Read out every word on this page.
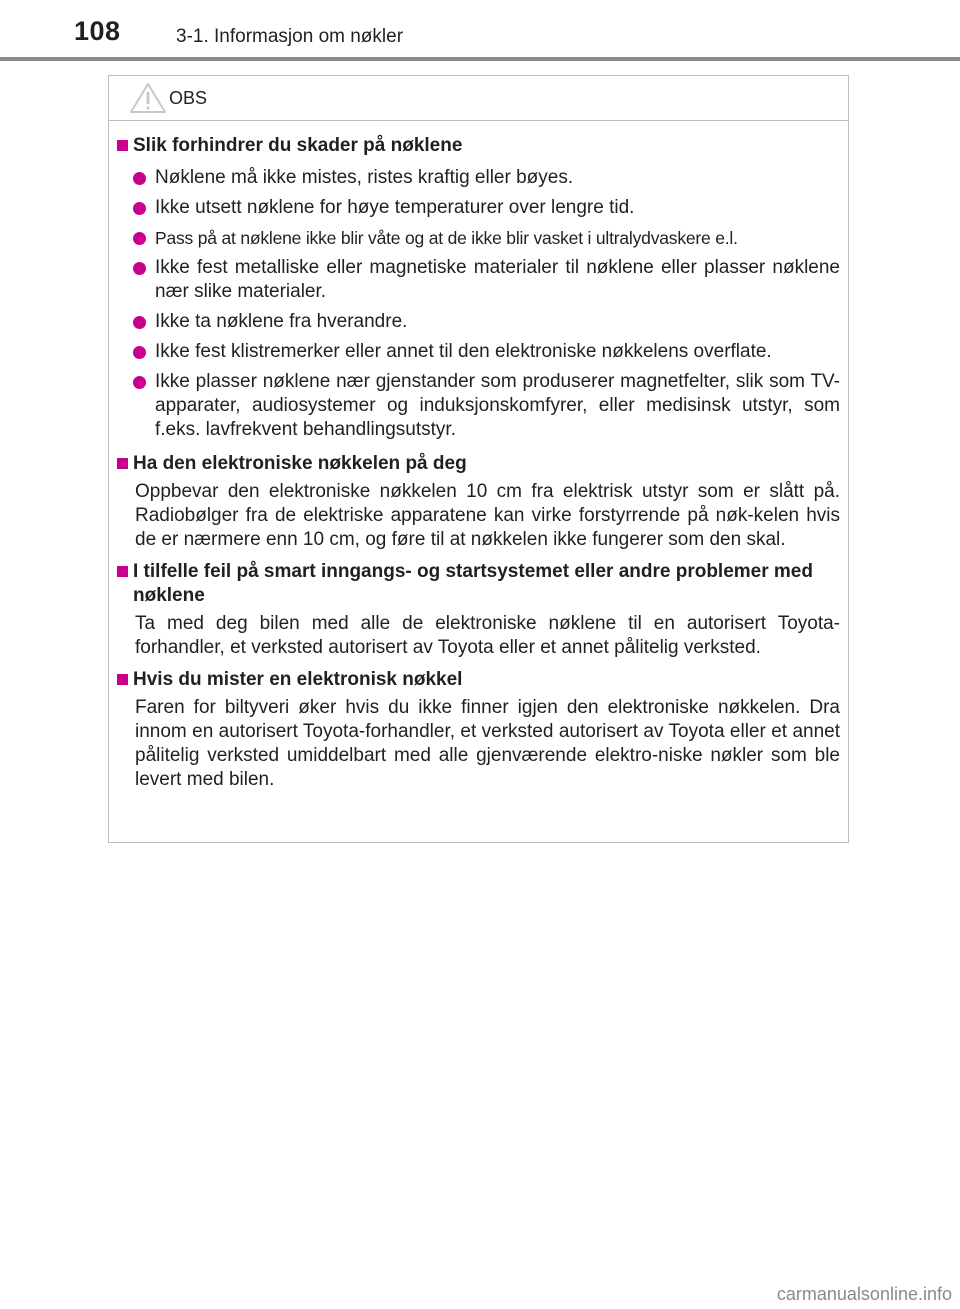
108	3-1. Informasjon om nøkler
OBS
Slik forhindrer du skader på nøklene
Nøklene må ikke mistes, ristes kraftig eller bøyes.
Ikke utsett nøklene for høye temperaturer over lengre tid.
Pass på at nøklene ikke blir våte og at de ikke blir vasket i ultralydvaskere e.l.
Ikke fest metalliske eller magnetiske materialer til nøklene eller plasser nøklene nær slike materialer.
Ikke ta nøklene fra hverandre.
Ikke fest klistremerker eller annet til den elektroniske nøkkelens overflate.
Ikke plasser nøklene nær gjenstander som produserer magnetfelter, slik som TV-apparater, audiosystemer og induksjonskomfyrer, eller medisinsk utstyr, som f.eks. lavfrekvent behandlingsutstyr.
Ha den elektroniske nøkkelen på deg
Oppbevar den elektroniske nøkkelen 10 cm fra elektrisk utstyr som er slått på. Radiobølger fra de elektriske apparatene kan virke forstyrrende på nøk-kelen hvis de er nærmere enn 10 cm, og føre til at nøkkelen ikke fungerer som den skal.
I tilfelle feil på smart inngangs- og startsystemet eller andre problemer med nøklene
Ta med deg bilen med alle de elektroniske nøklene til en autorisert Toyota-forhandler, et verksted autorisert av Toyota eller et annet pålitelig verksted.
Hvis du mister en elektronisk nøkkel
Faren for biltyveri øker hvis du ikke finner igjen den elektroniske nøkkelen. Dra innom en autorisert Toyota-forhandler, et verksted autorisert av Toyota eller et annet pålitelig verksted umiddelbart med alle gjenværende elektro-niske nøkler som ble levert med bilen.
carmanualsonline.info
